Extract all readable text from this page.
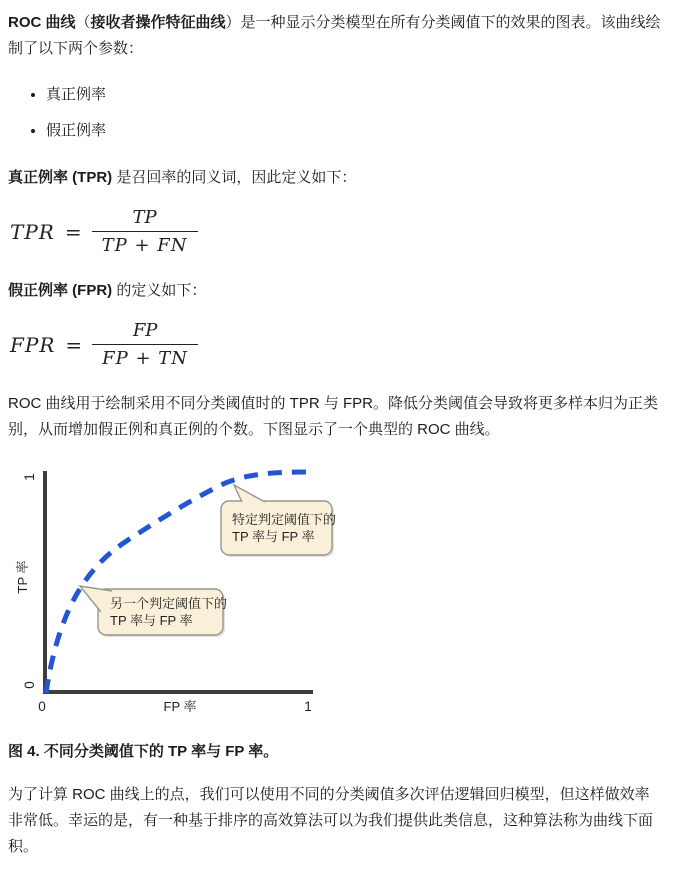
ROC 曲线（接收者操作特征曲线）是一种显示分类模型在所有分类阈值下的效果的图表。该曲线绘制了以下两个参数：

• 真正例率
• 假正例率

真正例率 (TPR) 是召回率的同义词，因此定义如下：

TPR = $\frac{TP}{TP + FN}$

假正例率 (FPR) 的定义如下：

FPR = $\frac{FP}{FP + TN}$

ROC 曲线用于绘制采用不同分类阈值时的 TPR 与 FPR。降低分类阈值会导致将更多样本归为正类别，从而增加假正例和真正例的个数。下图显示了一个典型的 ROC 曲线。

特定判定阈值下的
TP 率与 FP 率
另一个判定阈值下的
TP 率与 FP 率
1
TP 率
0
0	FP 率	1

图 4. 不同分类阈值下的 TP 率与 FP 率。

为了计算 ROC 曲线上的点，我们可以使用不同的分类阈值多次评估逻辑回归模型，但这样做效率非常低。幸运的是，有一种基于排序的高效算法可以为我们提供此类信息，这种算法称为曲线下面积。
